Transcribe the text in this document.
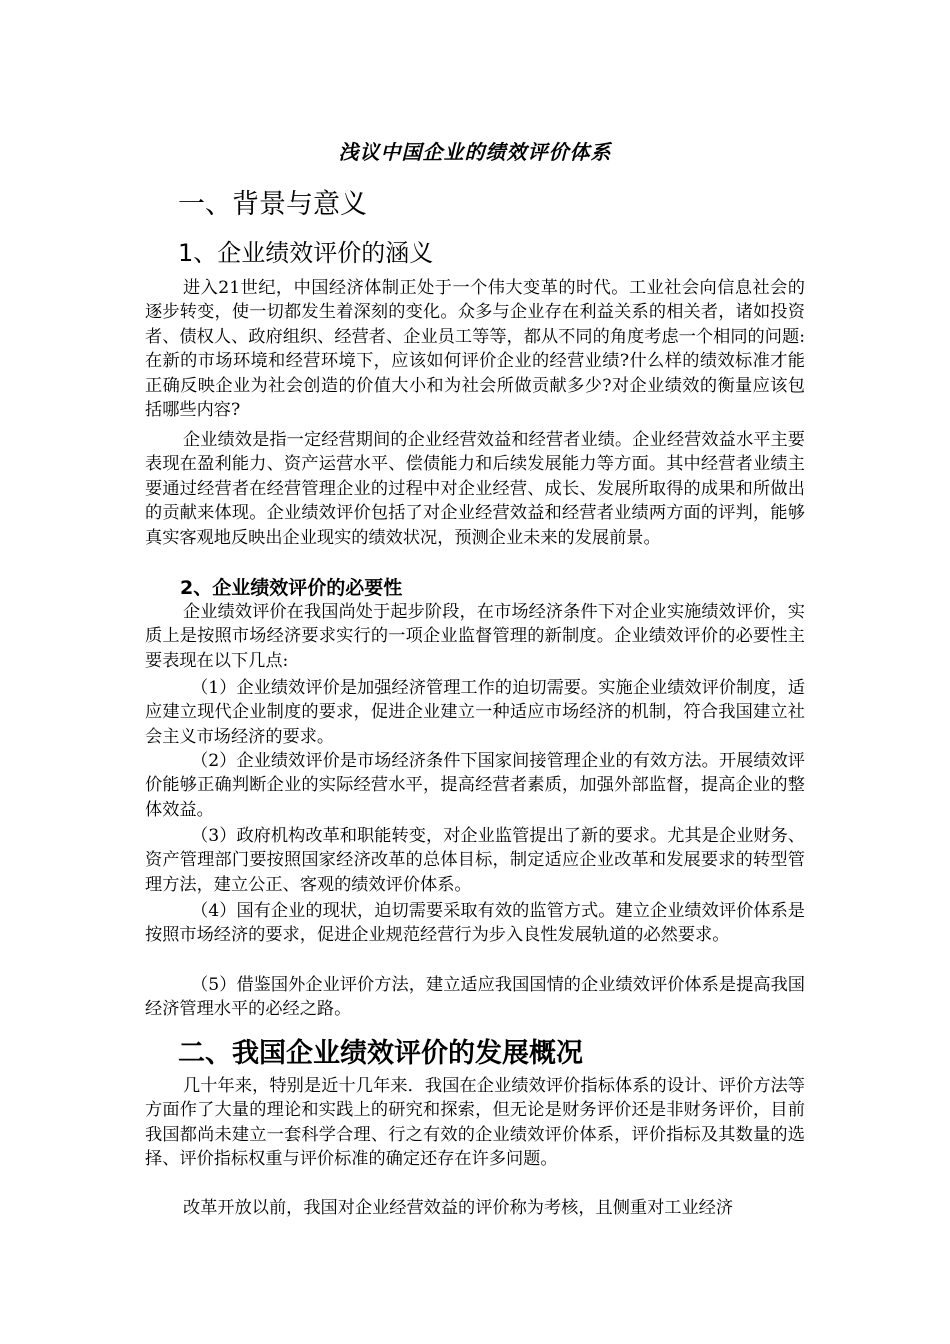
浅议中国企业的绩效评价体系
一、背景与意义
1、企业绩效评价的涵义

进入21世纪，中国经济体制正处于一个伟大变革的时代。工业社会向信息社会的逐步转变，使一切都发生着深刻的变化。众多与企业存在利益关系的相关者，诸如投资者、债权人、政府组织、经营者、企业员工等等，都从不同的角度考虑一个相同的问题:在新的市场环境和经营环境下，应该如何评价企业的经营业绩?什么样的绩效标准才能正确反映企业为社会创造的价值大小和为社会所做贡献多少?对企业绩效的衡量应该包括哪些内容?

企业绩效是指一定经营期间的企业经营效益和经营者业绩。企业经营效益水平主要表现在盈利能力、资产运营水平、偿债能力和后续发展能力等方面。其中经营者业绩主要通过经营者在经营管理企业的过程中对企业经营、成长、发展所取得的成果和所做出的贡献来体现。企业绩效评价包括了对企业经营效益和经营者业绩两方面的评判，能够真实客观地反映出企业现实的绩效状况，预测企业未来的发展前景。

2、企业绩效评价的必要性

企业绩效评价在我国尚处于起步阶段，在市场经济条件下对企业实施绩效评价，实质上是按照市场经济要求实行的一项企业监督管理的新制度。企业绩效评价的必要性主要表现在以下几点:

（1）企业绩效评价是加强经济管理工作的迫切需要。实施企业绩效评价制度，适应建立现代企业制度的要求，促进企业建立一种适应市场经济的机制，符合我国建立社会主义市场经济的要求。

（2）企业绩效评价是市场经济条件下国家间接管理企业的有效方法。开展绩效评价能够正确判断企业的实际经营水平，提高经营者素质，加强外部监督，提高企业的整体效益。

（3）政府机构改革和职能转变，对企业监管提出了新的要求。尤其是企业财务、资产管理部门要按照国家经济改革的总体目标，制定适应企业改革和发展要求的转型管理方法，建立公正、客观的绩效评价体系。

（4）国有企业的现状，迫切需要采取有效的监管方式。建立企业绩效评价体系是按照市场经济的要求，促进企业规范经营行为步入良性发展轨道的必然要求。

（5）借鉴国外企业评价方法，建立适应我国国情的企业绩效评价体系是提高我国经济管理水平的必经之路。

二、我国企业绩效评价的发展概况

几十年来，特别是近十几年来．我国在企业绩效评价指标体系的设计、评价方法等方面作了大量的理论和实践上的研究和探索，但无论是财务评价还是非财务评价，目前我国都尚未建立一套科学合理、行之有效的企业绩效评价体系，评价指标及其数量的选择、评价指标权重与评价标准的确定还存在许多问题。

改革开放以前，我国对企业经营效益的评价称为考核，且侧重对工业经济
